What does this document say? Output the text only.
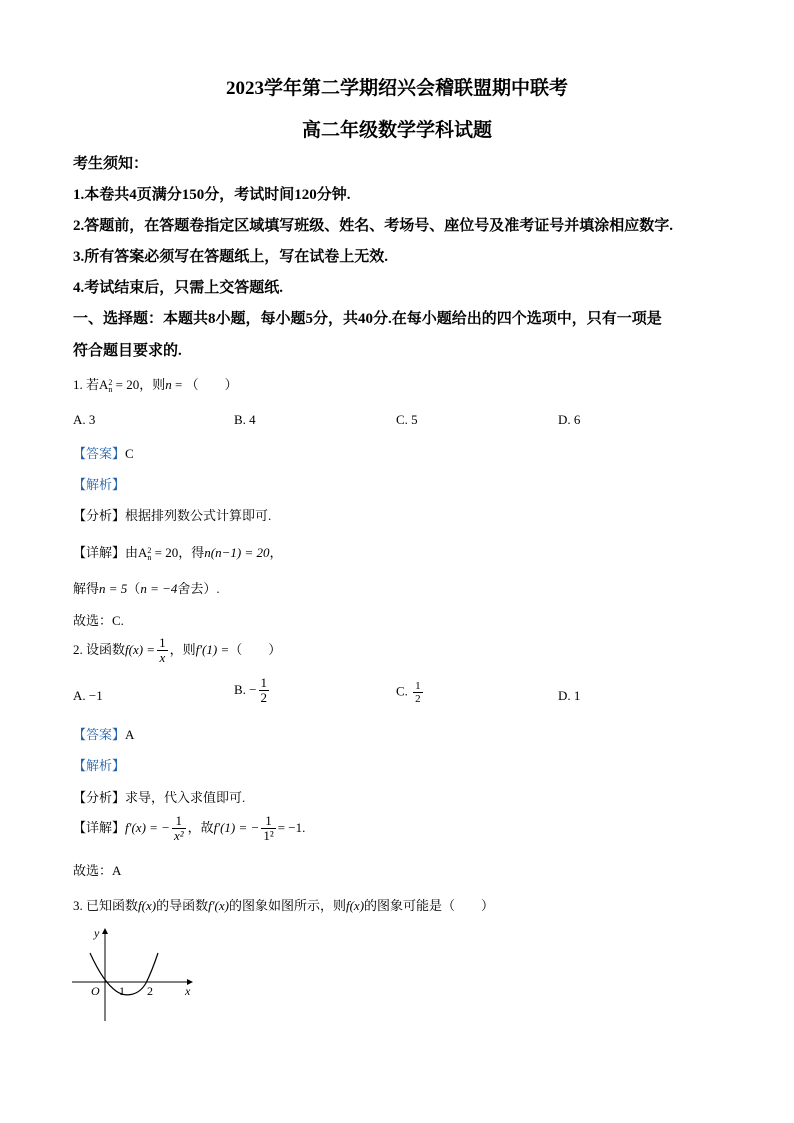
2023学年第二学期绍兴会稽联盟期中联考
高二年级数学学科试题
考生须知：
1.本卷共4页满分150分，考试时间120分钟.
2.答题前，在答题卷指定区域填写班级、姓名、考场号、座位号及准考证号并填涂相应数字.
3.所有答案必须写在答题纸上，写在试卷上无效.
4.考试结束后，只需上交答题纸.
一、选择题：本题共8小题，每小题5分，共40分.在每小题给出的四个选项中，只有一项是
符合题目要求的.
1. 若A 2
n = 20，则n = （　　）
A. 3	B. 4	C. 5	D. 6
【答案】C
【解析】
【分析】根据排列数公式计算即可.
【详解】由A 2
n = 20，得n(n−1) = 20，
解得n = 5（n = −4舍去）.
故选：C.
2. 设函数$f(x) = \frac{1}{x}$ ，则f′(1) =（　　）
A. −1	B. − $\frac{1}{2}$	C. $\frac{1}{2}$	D. 1
【答案】A
【解析】
【分析】求导，代入求值即可.
【详解】f′(x) = − $\frac{1}{\text{x²}}$ ，故f′(1) = − $\frac{1}{\text{1²}} = -1$.
故选：A
3. 已知函数f(x)的导函数f′(x)的图象如图所示，则f(x)的图象可能是（　　）
y
x
O 1 2
